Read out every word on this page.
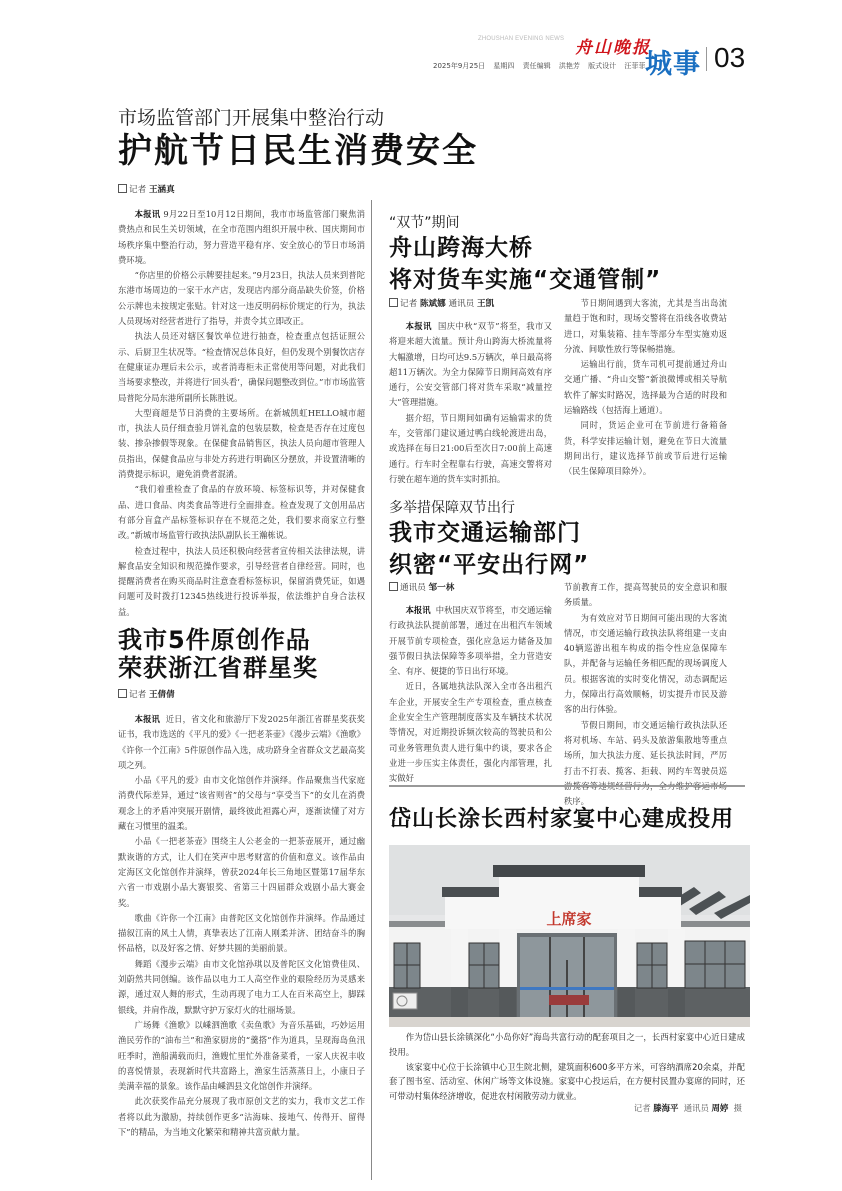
ZHOUSHAN EVENING NEWS 舟山晚报
2025年9月25日 星期四 责任编辑 洪艳芳 版式设计 汪菲菲 城事 03
市场监管部门开展集中整治行动
护航节日民生消费安全
记者 王涵真

本报讯 9月22日至10月12日期间，我市市场监管部门聚焦消费热点和民生关切领域，在全市范围内组织开展中秋、国庆期间市场秩序集中整治行动，努力营造平稳有序、安全放心的节日市场消费环境。

“你店里的价格公示牌要挂起来。”9月23日，执法人员来到普陀东港市场周边的一家干水产店，发现店内部分商品缺失价签，价格公示牌也未按规定张贴。针对这一违反明码标价规定的行为，执法人员现场对经营者进行了指导，并责令其立即改正。

执法人员还对辖区餐饮单位进行抽查，检查重点包括证照公示、后厨卫生状况等。“检查情况总体良好，但仍发现个别餐饮店存在健康证办理后未公示，或者消毒柜未正常使用等问题，对此我们当场要求整改，并将进行‘回头看’，确保问题整改到位。”市市场监管局普陀分局东港所副所长陈胜说。

大型商超是节日消费的主要场所。在新城凯虹HELLO城市超市，执法人员仔细查验月饼礼盒的包装层数，检查是否存在过度包装、掺杂掺假等现象。在保健食品销售区，执法人员向超市管理人员指出，保健食品应与非处方药进行明确区分摆放，并设置清晰的消费提示标识，避免消费者混淆。

“我们着重检查了食品的存放环境、标签标识等，并对保健食品、进口食品、肉类食品等进行全面排查。检查发现了文创用品店有部分盲盒产品标签标识存在不规范之处，我们要求商家立行整改。”新城市场监管行政执法队副队长王瀚栋说。

检查过程中，执法人员还积极向经营者宣传相关法律法规，讲解食品安全知识和规范操作要求，引导经营者自律经营。同时，也提醒消费者在购买商品时注意查看标签标识，保留消费凭证，如遇问题可及时拨打12345热线进行投诉举报，依法维护自身合法权益。

我市5件原创作品
荣获浙江省群星奖
记者 王倩倩

本报讯 近日，省文化和旅游厅下发2025年浙江省群星奖获奖证书，我市选送的《平凡的爱》《一把老茶壶》《漫步云端》《渔歌》《许你一个江南》5件原创作品入选，成功跻身全省群众文艺最高奖项之列。

小品《平凡的爱》由市文化馆创作并演绎。作品聚焦当代家庭消费代际差异，通过“该省则省”的父母与“享受当下”的女儿在消费观念上的矛盾冲突展开剧情，最终彼此袒露心声，逐渐读懂了对方藏在习惯里的温柔。

小品《一把老茶壶》围绕主人公老金的一把茶壶展开，通过幽默诙谐的方式，让人们在笑声中思考财富的价值和意义。该作品由定海区文化馆创作并演绎，曾获2024年长三角地区暨第17届华东六省一市戏剧小品大赛银奖、省第三十四届群众戏剧小品大赛金奖。

歌曲《许你一个江南》由普陀区文化馆创作并演绎。作品通过描叙江南的风土人情，真挚表达了江南人刚柔并济、团结奋斗的胸怀品格，以及好客之情、好梦共圆的美丽前景。

舞蹈《漫步云端》由市文化馆孙琪以及普陀区文化馆费佳凤、刘蔚然共同创编。该作品以电力工人高空作业的艰险经历为灵感来源，通过双人舞的形式，生动再现了电力工人在百米高空上，脚踩银线，并肩作战，默默守护万家灯火的壮丽场景。

广场舞《渔歌》以嵊泗渔歌《卖鱼歌》为音乐基础，巧妙运用渔民劳作的“油布兰”和渔家厨房的“羹搭”作为道具，呈现海岛鱼汛旺季时，渔船满载而归，渔嫂忙里忙外准备菜肴，一家人庆祝丰收的喜悦情景，表现新时代共富路上，渔家生活蒸蒸日上，小康日子美满幸福的景象。该作品由嵊泗县文化馆创作并演绎。

此次获奖作品充分展现了我市原创文艺的实力，我市文艺工作者将以此为激励，持续创作更多“沾海味、接地气、传得开、留得下”的精品，为当地文化繁荣和精神共富贡献力量。

“双节”期间
舟山跨海大桥
将对货车实施“交通管制”
记者 陈斌娜 通讯员 王凯

本报讯 国庆中秋“双节”将至，我市又将迎来超大流量。预计舟山跨海大桥流量将大幅激增，日均可达9.5万辆次，单日最高将超11万辆次。为全力保障节日期间高效有序通行，公安交管部门将对货车采取“减量控大”管理措施。

据介绍，节日期间如确有运输需求的货车，交管部门建议通过鸭白线轮渡进出岛，或选择在每日21:00后至次日7:00前上高速通行。行车时全程靠右行驶，高速交警将对行驶在超车道的货车实时抓拍。

节日期间遇到大客流，尤其是当出岛流量趋于饱和时，现场交警将在沿线各收费站进口，对集装箱、挂车等部分车型实施劝返分流、间歇性放行等保畅措施。

运输出行前，货车司机可提前通过舟山交通广播、“舟山交警”新浪微博或相关导航软件了解实时路况，选择最为合适的时段和运输路线（包括海上通道）。

同时，货运企业可在节前进行备箱备货，科学安排运输计划，避免在节日大流量期间出行，建议选择节前或节后进行运输（民生保障项目除外）。

多举措保障双节出行
我市交通运输部门
织密“平安出行网”
通讯员 邹一林

本报讯 中秋国庆双节将至，市交通运输行政执法队提前部署，通过在出租汽车领域开展节前专项检查，强化应急运力储备及加强节假日执法保障等多项举措，全力营造安全、有序、便捷的节日出行环境。

近日，各属地执法队深入全市各出租汽车企业，开展安全生产专项检查，重点核查企业安全生产管理制度落实及车辆技术状况等情况，对近期投诉频次较高的驾驶员和公司业务管理负责人进行集中约谈，要求各企业进一步压实主体责任，强化内部管理，扎实做好

节前教育工作，提高驾驶员的安全意识和服务质量。

为有效应对节日期间可能出现的大客流情况，市交通运输行政执法队将组建一支由40辆巡游出租车构成的指令性应急保障车队，并配备与运输任务相匹配的现场调度人员。根据客流的实时变化情况，动态调配运力，保障出行高效顺畅，切实提升市民及游客的出行体验。

节假日期间，市交通运输行政执法队还将对机场、车站、码头及旅游集散地等重点场所，加大执法力度、延长执法时间，严厉打击不打表、揽客、拒载、网约车驾驶员巡 秩序。

岱山长涂长西村家宴中心建成投用
上席家

作为岱山县长涂镇深化“小岛你好”海岛共富行动的配套项目之一，长西村家宴中心近日建成投用。

该家宴中心位于长涂镇中心卫生院北侧，建筑面积600多平方米，可容纳酒席20余桌，并配套了图书室、活动室、休闲广场等文体设施。家宴中心投运后，在方便村民置办宴席的同时，还可带动村集体经济增收，促进农村闲散劳动力就业。

记者 滕海平 通讯员 周婷 摄
